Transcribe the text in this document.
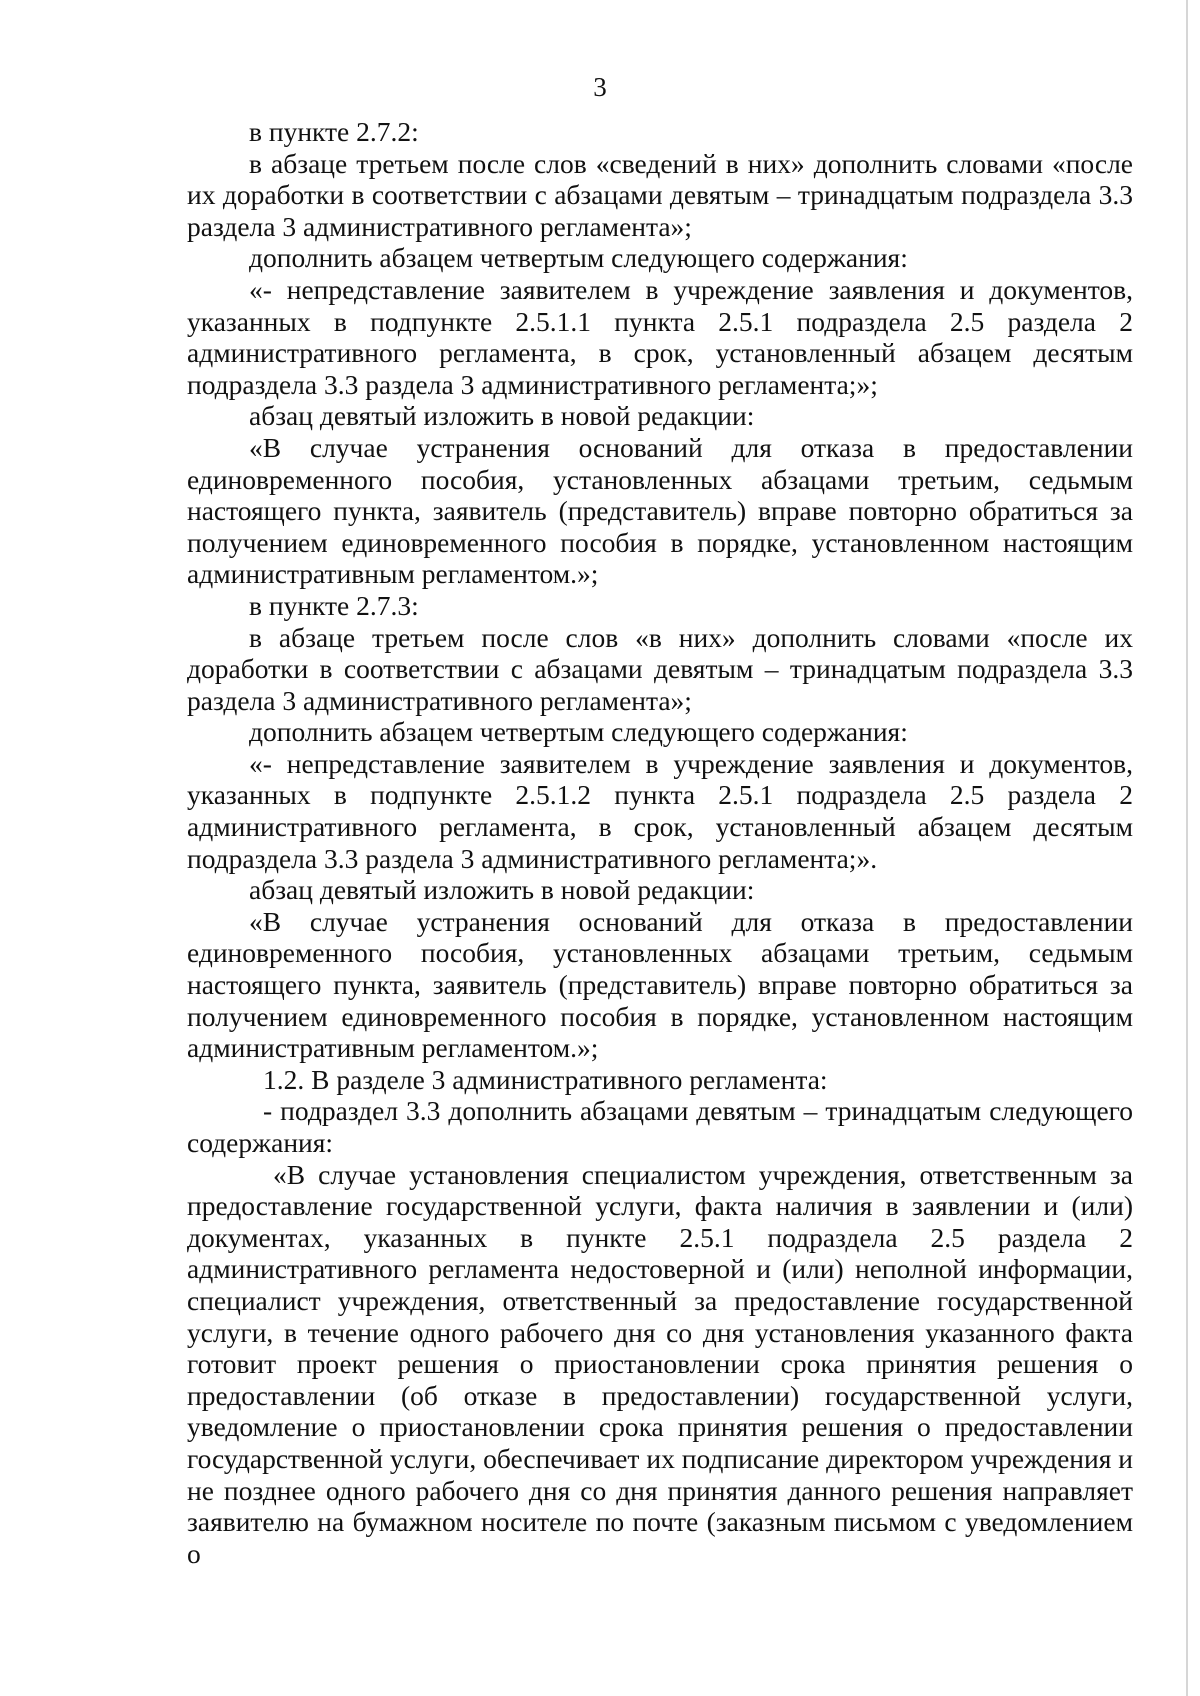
3

в пункте 2.7.2:

в абзаце третьем после слов «сведений в них» дополнить словами «после их доработки в соответствии с абзацами девятым – тринадцатым подраздела 3.3 раздела 3 административного регламента»;

дополнить абзацем четвертым следующего содержания:

«- непредставление заявителем в учреждение заявления и документов, указанных в подпункте 2.5.1.1 пункта 2.5.1 подраздела 2.5 раздела 2 административного регламента, в срок, установленный абзацем десятым подраздела 3.3 раздела 3 административного регламента;»;

абзац девятый изложить в новой редакции:

«В случае устранения оснований для отказа в предоставлении единовременного пособия, установленных абзацами третьим, седьмым настоящего пункта, заявитель (представитель) вправе повторно обратиться за получением единовременного пособия в порядке, установленном настоящим административным регламентом.»;

в пункте 2.7.3:

в абзаце третьем после слов «в них» дополнить словами «после их доработки в соответствии с абзацами девятым – тринадцатым подраздела 3.3 раздела 3 административного регламента»;

дополнить абзацем четвертым следующего содержания:

«- непредставление заявителем в учреждение заявления и документов, указанных в подпункте 2.5.1.2 пункта 2.5.1 подраздела 2.5 раздела 2 административного регламента, в срок, установленный абзацем десятым подраздела 3.3 раздела 3 административного регламента;».

абзац девятый изложить в новой редакции:

«В случае устранения оснований для отказа в предоставлении единовременного пособия, установленных абзацами третьим, седьмым настоящего пункта, заявитель (представитель) вправе повторно обратиться за получением единовременного пособия в порядке, установленном настоящим административным регламентом.»;

1.2. В разделе 3 административного регламента:

- подраздел 3.3 дополнить абзацами девятым – тринадцатым следующего содержания:

«В случае установления специалистом учреждения, ответственным за предоставление государственной услуги, факта наличия в заявлении и (или) документах, указанных в пункте 2.5.1 подраздела 2.5 раздела 2 административного регламента недостоверной и (или) неполной информации, специалист учреждения, ответственный за предоставление государственной услуги, в течение одного рабочего дня со дня установления указанного факта готовит проект решения о приостановлении срока принятия решения о предоставлении (об отказе в предоставлении) государственной услуги, уведомление о приостановлении срока принятия решения о предоставлении государственной услуги, обеспечивает их подписание директором учреждения и не позднее одного рабочего дня со дня принятия данного решения направляет заявителю на бумажном носителе по почте (заказным письмом с уведомлением о
